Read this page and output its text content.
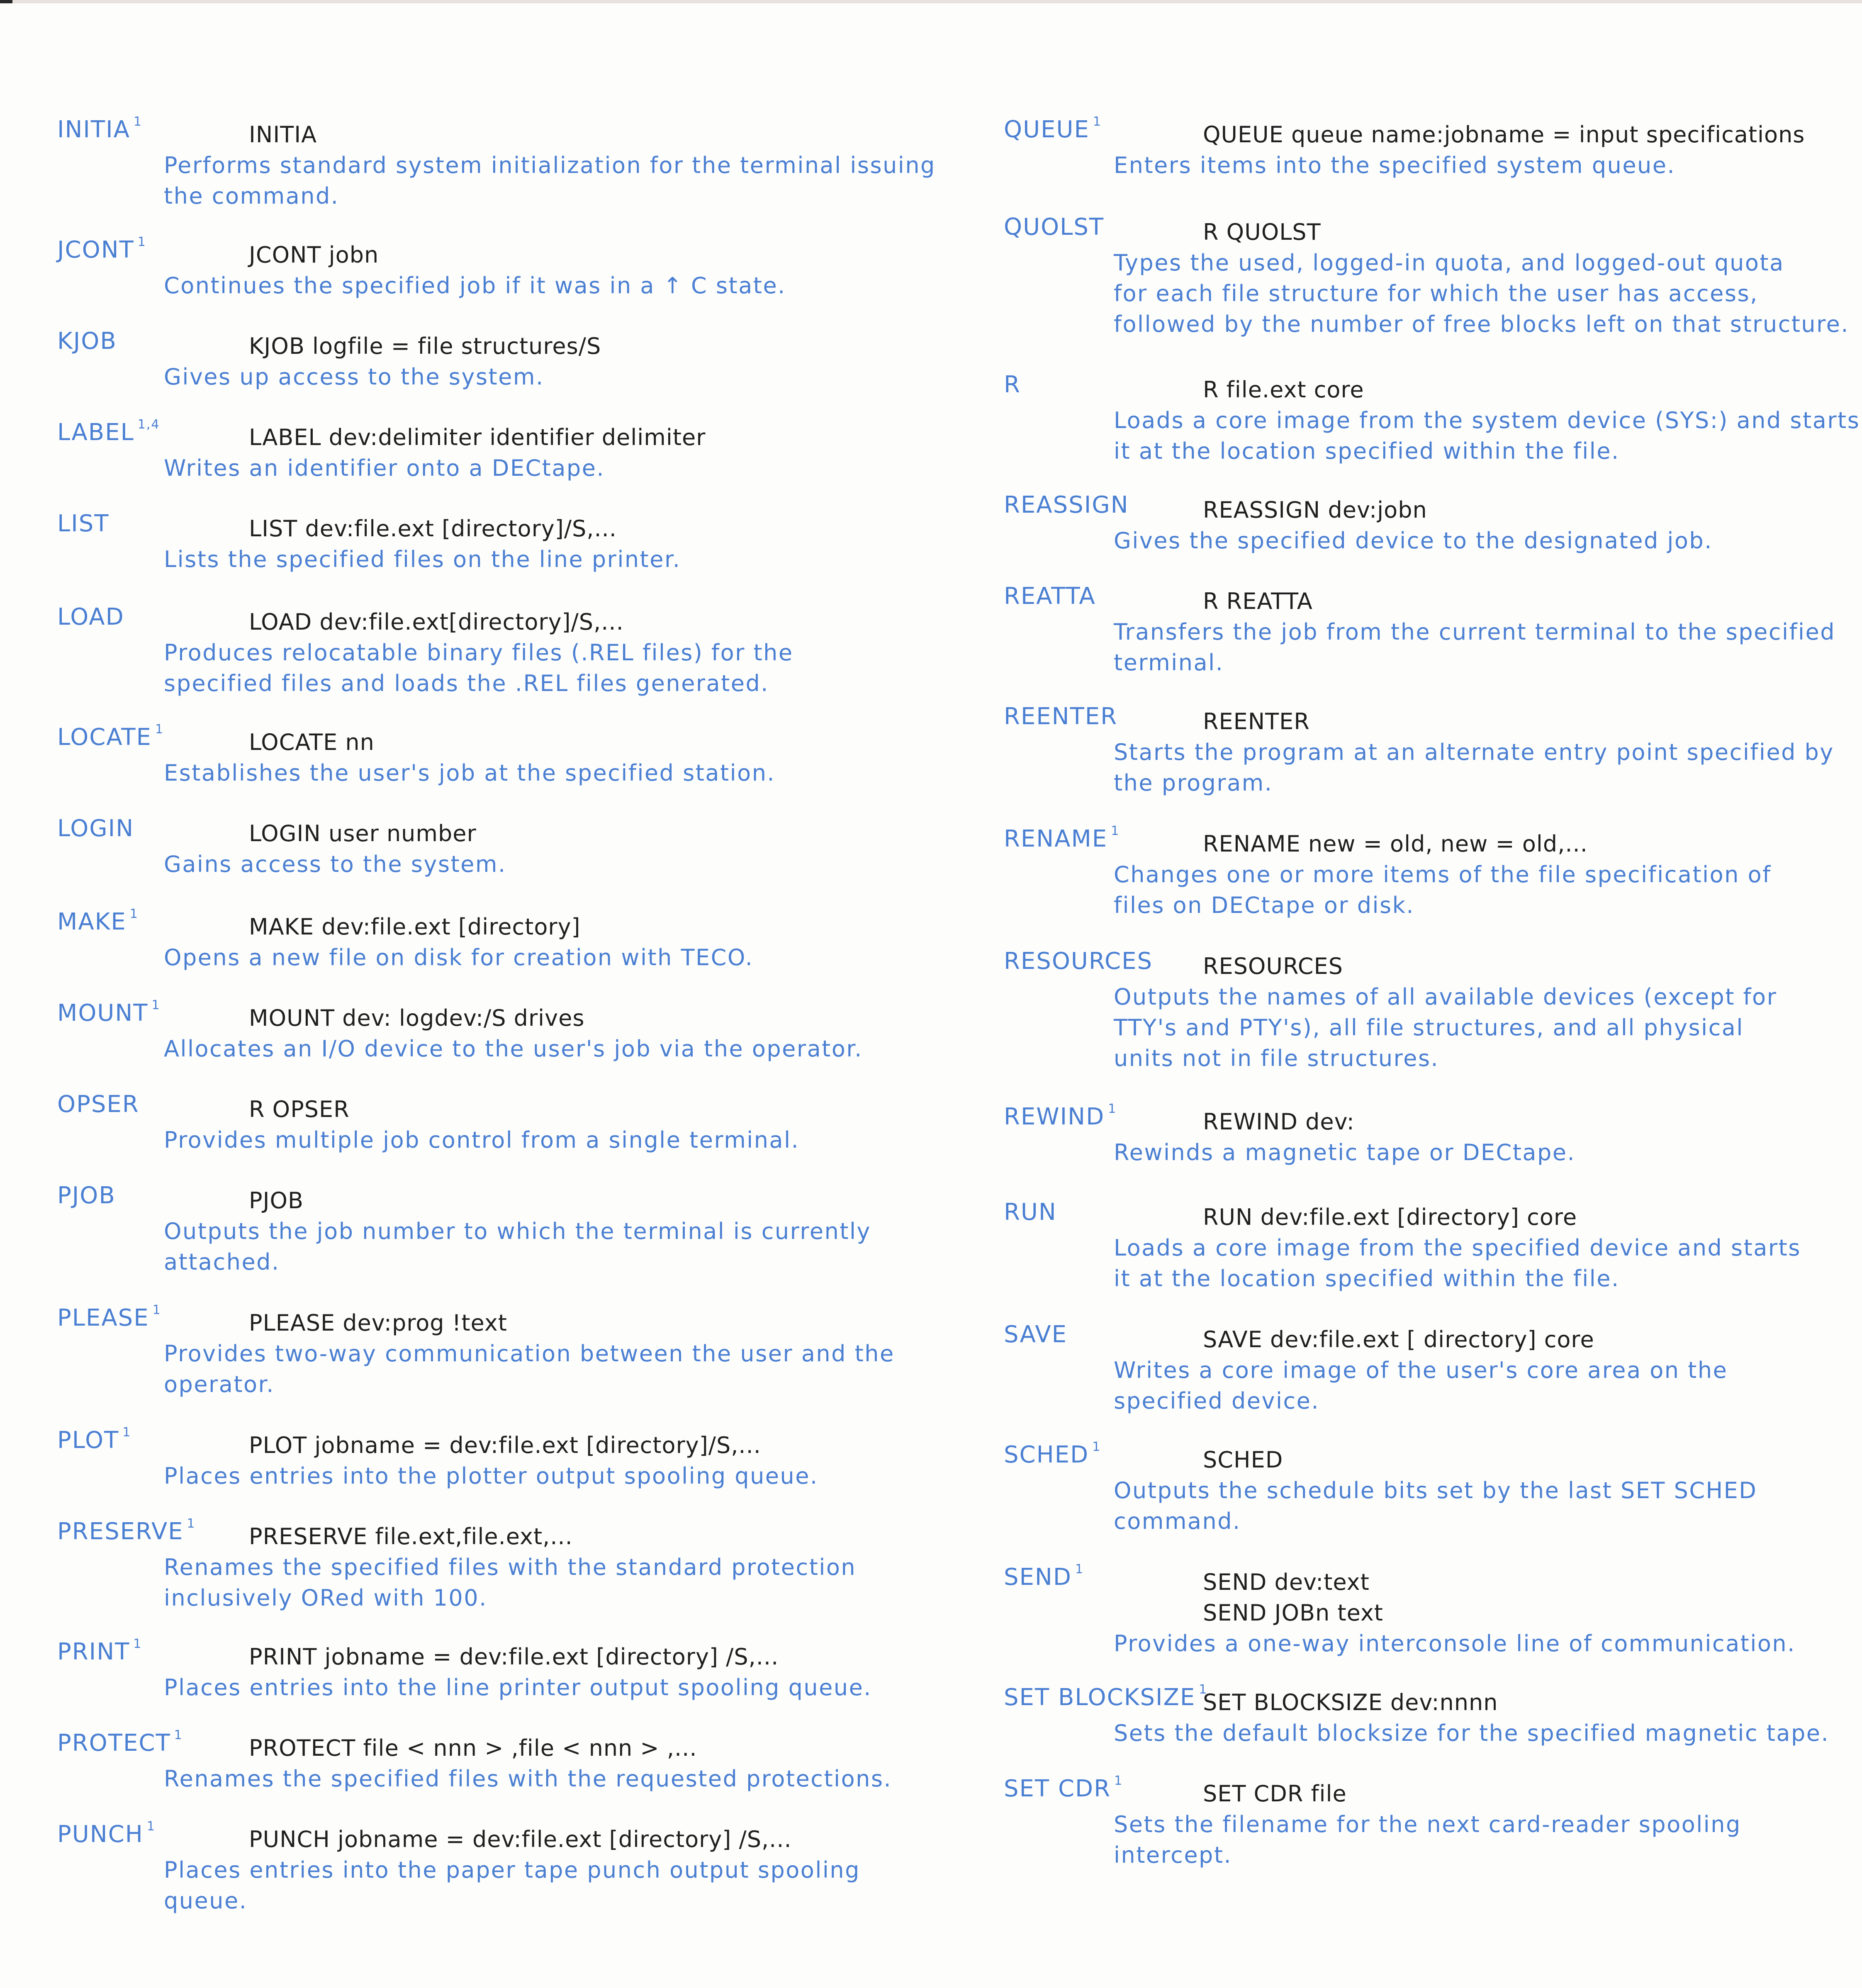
INITIA $^1$	INITIA
Performs standard system initialization for the terminal issuing
the command.
JCONT $^1$	JCONT jobn
Continues the specified job if it was in a ↑ C state.
KJOB	KJOB logfile = file structures/S
Gives up access to the system.
LABEL $^{1,4}$	LABEL dev:delimiter identifier delimiter
Writes an identifier onto a DECtape.
LIST	LIST dev:file.ext [directory]/S,...
Lists the specified files on the line printer.
LOAD	LOAD dev:file.ext[directory]/S,...
Produces relocatable binary files (.REL files) for the
specified files and loads the .REL files generated.
LOCATE $^1$	LOCATE nn
Establishes the user's job at the specified station.
LOGIN	LOGIN user number
Gains access to the system.
MAKE $^1$	MAKE dev:file.ext [directory]
Opens a new file on disk for creation with TECO.
MOUNT $^1$	MOUNT dev: logdev:/S drives
Allocates an I/O device to the user's job via the operator.
OPSER	R OPSER
Provides multiple job control from a single terminal.
PJOB	PJOB
Outputs the job number to which the terminal is currently
attached.
PLEASE $^1$	PLEASE dev:prog !text
Provides two-way communication between the user and the
operator.
PLOT $^1$	PLOT jobname = dev:file.ext [directory]/S,...
Places entries into the plotter output spooling queue.
PRESERVE $^1$ PRESERVE file.ext,file.ext,...
Renames the specified files with the standard protection
inclusively ORed with 100.
PRINT $^1$	PRINT jobname = dev:file.ext [directory] /S,...
Places entries into the line printer output spooling queue.
PROTECT $^1$	PROTECT file < nnn > ,file < nnn > ,...
Renames the specified files with the requested protections.
PUNCH $^1$	PUNCH jobname = dev:file.ext [directory] /S,...
Places entries into the paper tape punch output spooling
queue.
QUEUE $^1$	QUEUE queue name:jobname = input specifications
Enters items into the specified system queue.
QUOLST	R QUOLST
Types the used, logged-in quota, and logged-out quota
for each file structure for which the user has access,
followed by the number of free blocks left on that structure.
R	R file.ext core
Loads a core image from the system device (SYS:) and starts
it at the location specified within the file.
REASSIGN	REASSIGN dev:jobn
Gives the specified device to the designated job.
REATTA	R REATTA
Transfers the job from the current terminal to the specified
terminal.
REENTER	REENTER
Starts the program at an alternate entry point specified by
the program.
RENAME $^1$	RENAME new = old, new = old,...
Changes one or more items of the file specification of
files on DECtape or disk.
RESOURCES RESOURCES
Outputs the names of all available devices (except for
TTY's and PTY's), all file structures, and all physical
units not in file structures.
REWIND $^1$	REWIND dev:
Rewinds a magnetic tape or DECtape.
RUN	RUN dev:file.ext [directory] core
Loads a core image from the specified device and starts
it at the location specified within the file.
SAVE	SAVE dev:file.ext [ directory] core
Writes a core image of the user's core area on the
specified device.
SCHED $^1$	SCHED
Outputs the schedule bits set by the last SET SCHED
command.
SEND $^1$	SEND dev:text
SEND JOBn text
Provides a one-way interconsole line of communication.
SET BLOCKSIZE $^1$
SET BLOCKSIZE dev:nnnn
Sets the default blocksize for the specified magnetic tape.
SET CDR $^1$	SET CDR file
Sets the filename for the next card-reader spooling
intercept.
